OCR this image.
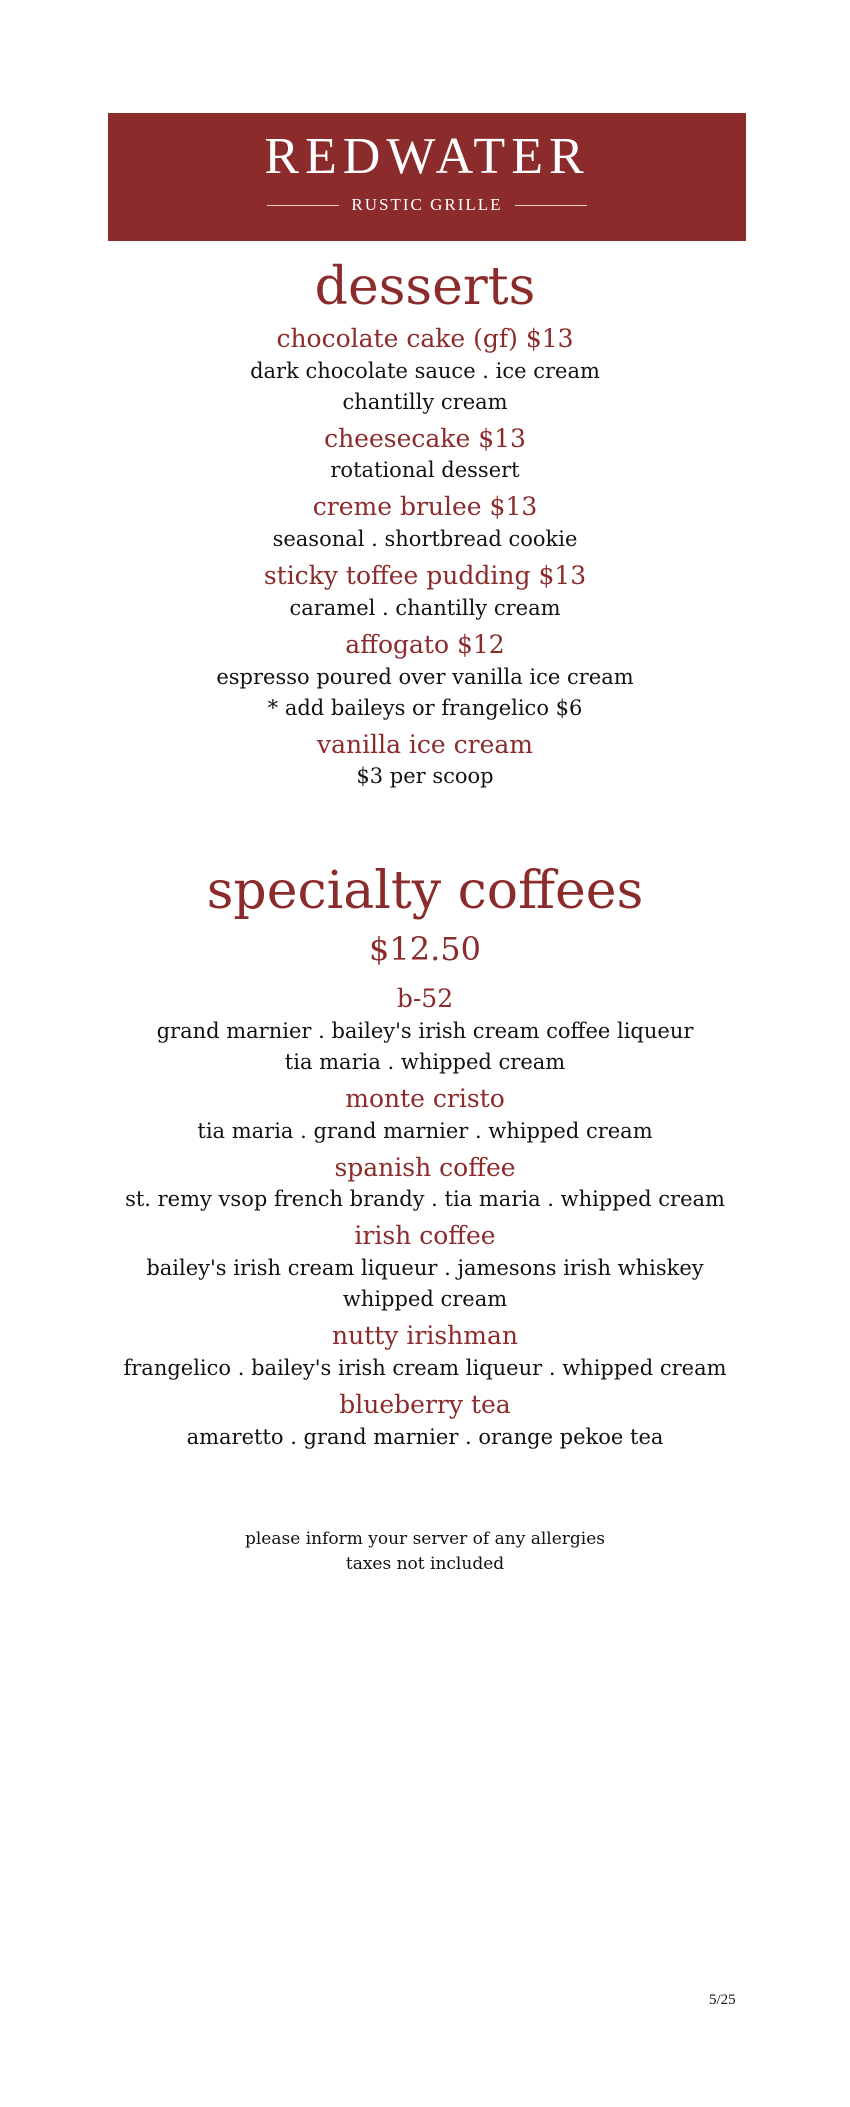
REDWATER
RUSTIC GRILLE
desserts
chocolate cake (gf) $13
dark chocolate sauce . ice cream
chantilly cream
cheesecake $13
rotational dessert
creme brulee $13
seasonal . shortbread cookie
sticky toffee pudding $13
caramel . chantilly cream
affogato $12
espresso poured over vanilla ice cream
* add baileys or frangelico $6
vanilla ice cream
$3 per scoop
specialty coffees
$12.50
b-52
grand marnier . bailey's irish cream coffee liqueur
tia maria . whipped cream
monte cristo
tia maria . grand marnier . whipped cream
spanish coffee
st. remy vsop french brandy . tia maria . whipped cream
irish coffee
bailey's irish cream liqueur . jamesons irish whiskey
whipped cream
nutty irishman
frangelico . bailey's irish cream liqueur . whipped cream
blueberry tea
amaretto . grand marnier . orange pekoe tea
please inform your server of any allergies
taxes not included
5/25
